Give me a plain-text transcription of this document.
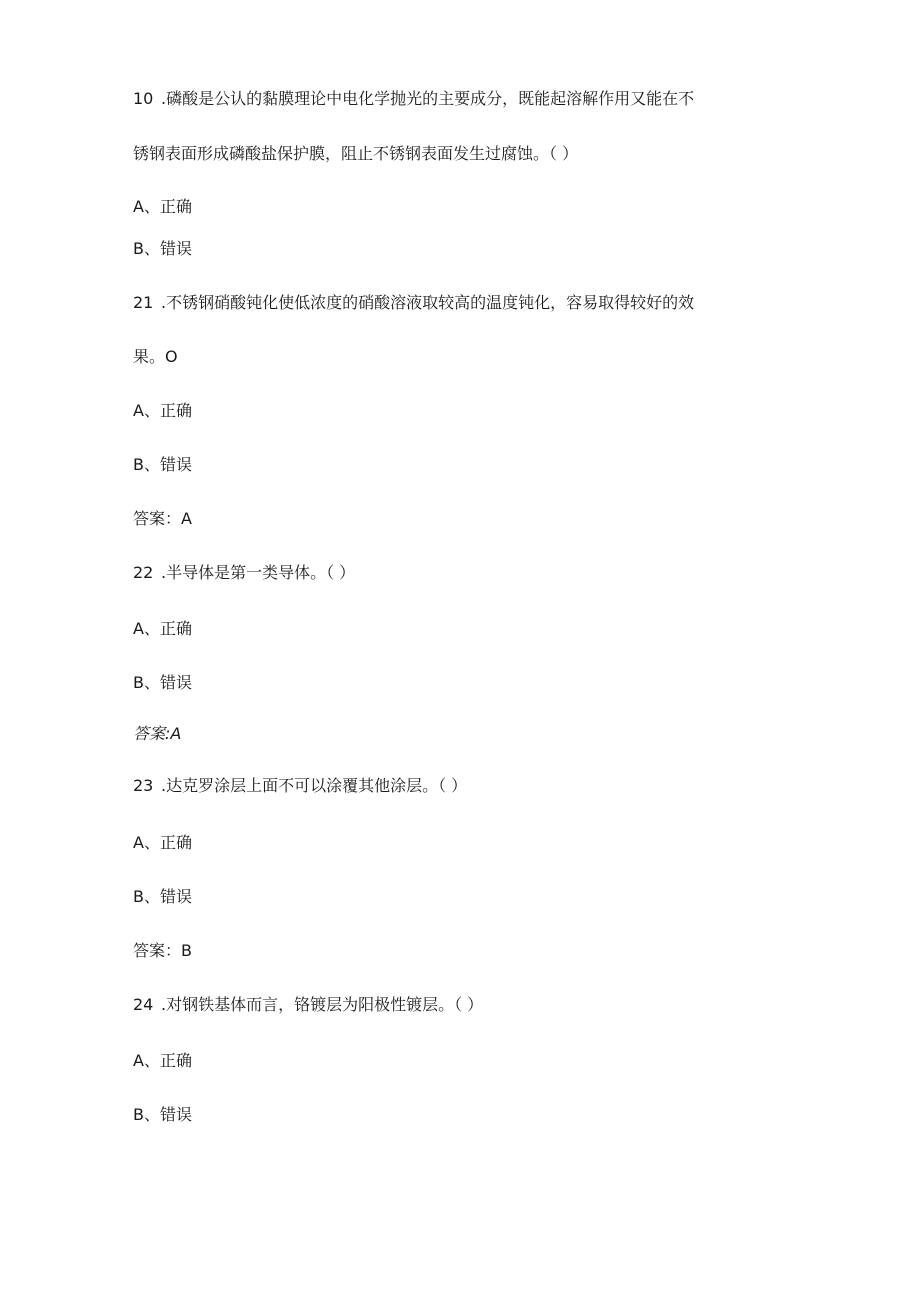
10 .磷酸是公认的黏膜理论中电化学抛光的主要成分，既能起溶解作用又能在不
锈钢表面形成磷酸盐保护膜，阻止不锈钢表面发生过腐蚀。（ ）
A、正确
B、错误
21 .不锈钢硝酸钝化使低浓度的硝酸溶液取较高的温度钝化，容易取得较好的效
果。O
A、正确
B、错误
答案：A
22 .半导体是第一类导体。（ ）
A、正确
B、错误
答案:A
23 .达克罗涂层上面不可以涂覆其他涂层。（ ）
A、正确
B、错误
答案：B
24 .对钢铁基体而言，铬镀层为阳极性镀层。（ ）
A、正确
B、错误
